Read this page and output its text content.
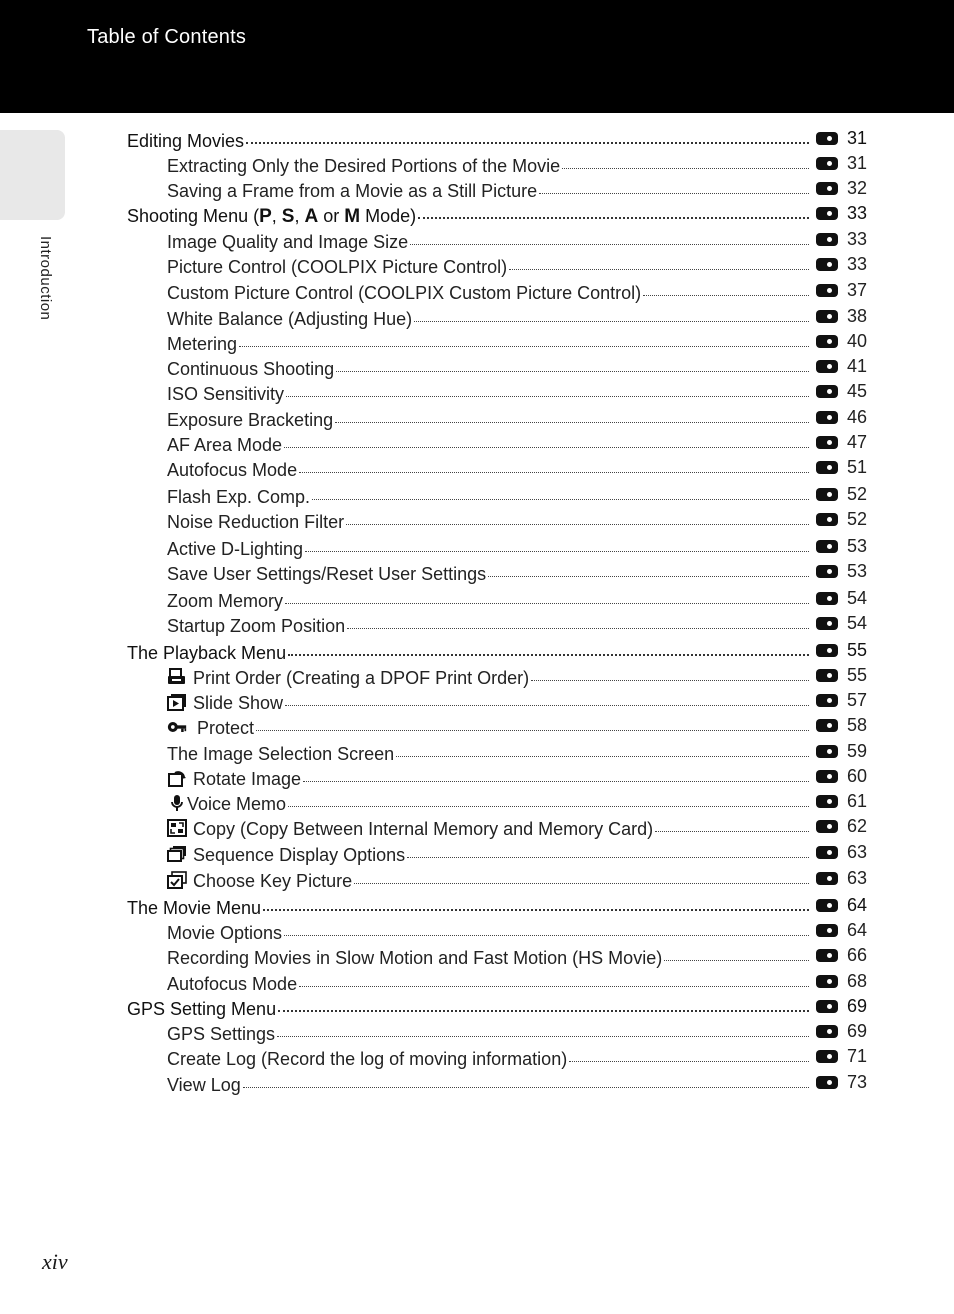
Table of Contents
Introduction
Editing Movies	31
Extracting Only the Desired Portions of the Movie	31
Saving a Frame from a Movie as a Still Picture	32
Shooting Menu (P, S, A or M Mode)	33
Image Quality and Image Size	33
Picture Control (COOLPIX Picture Control)	33
Custom Picture Control (COOLPIX Custom Picture Control)	37
White Balance (Adjusting Hue)	38
Metering	40
Continuous Shooting	41
ISO Sensitivity	45
Exposure Bracketing	46
AF Area Mode	47
Autofocus Mode	51
Flash Exp. Comp.	52
Noise Reduction Filter	52
Active D-Lighting	53
Save User Settings/Reset User Settings	53
Zoom Memory	54
Startup Zoom Position	54
The Playback Menu	55
Print Order (Creating a DPOF Print Order)	55
Slide Show	57
Protect	58
The Image Selection Screen	59
Rotate Image	60
Voice Memo	61
Copy (Copy Between Internal Memory and Memory Card)	62
Sequence Display Options	63
Choose Key Picture	63
The Movie Menu	64
Movie Options	64
Recording Movies in Slow Motion and Fast Motion (HS Movie)	66
Autofocus Mode	68
GPS Setting Menu	69
GPS Settings	69
Create Log (Record the log of moving information)	71
View Log	73
xiv
